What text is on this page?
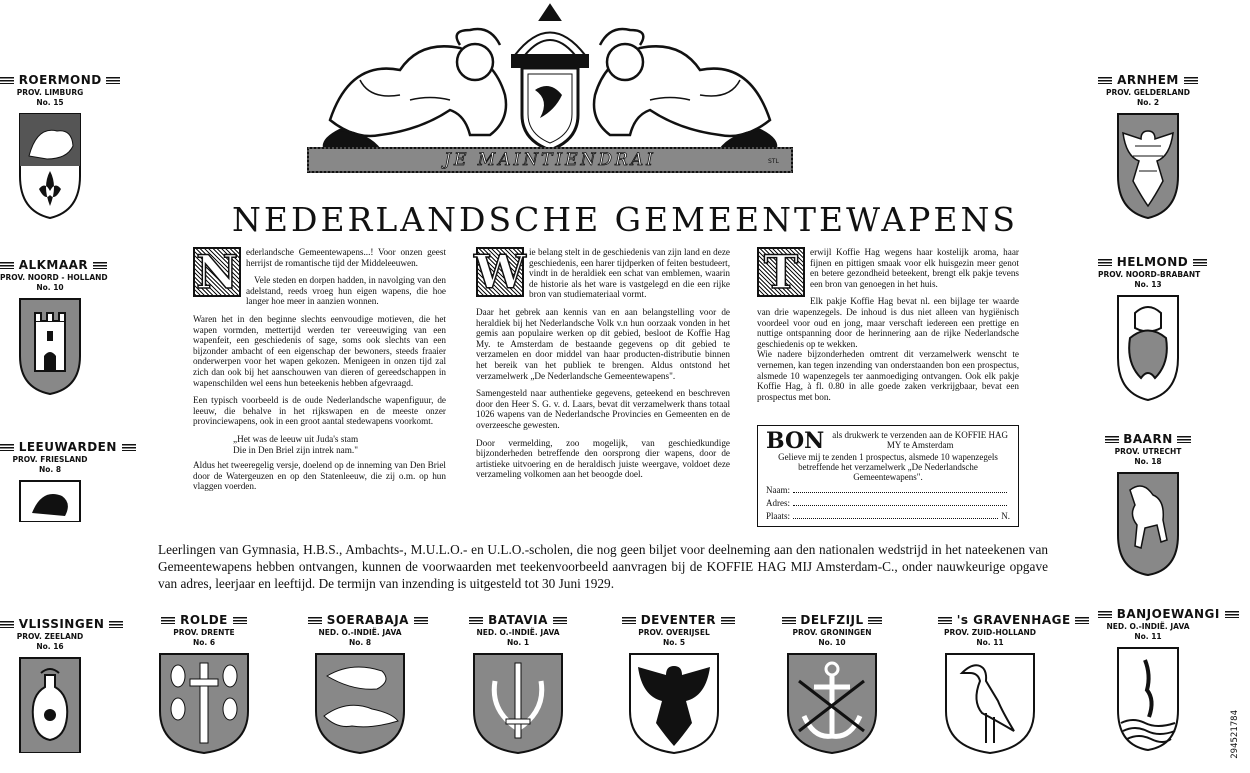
JE MAINTIENDRAI	STL
NEDERLANDSCHE GEMEENTEWAPENS
N ederlandsche Gemeentewapens...! Voor onzen geest herrijst de romantische tijd der Middeleeuwen.

Vele steden en dorpen hadden, in navolging van den adelstand, reeds vroeg hun eigen wapens, die hoe langer hoe meer in aanzien wonnen.

Waren het in den beginne slechts eenvoudige motieven, die het wapen vormden, mettertijd werden ter vereeuwiging van een wapenfeit, een geschiedenis of sage, soms ook slechts van een bijzonder ambacht of een eigenschap der bewoners, steeds fraaier onderwerpen voor het wapen gekozen. Menigeen in onzen tijd zal zich dan ook bij het aanschouwen van dieren of gereedschappen in wapenschilden wel eens hun beteekenis hebben afgevraagd.

Een typisch voorbeeld is de oude Nederlandsche wapenfiguur, de leeuw, die behalve in het rijkswapen en de meeste onzer provinciewapens, ook in een groot aantal stedewapens voorkomt.

„Het was de leeuw uit Juda's stam
Die in Den Briel zijn intrek nam."

Aldus het tweeregelig versje, doelend op de inneming van Den Briel door de Watergeuzen en op den Statenleeuw, die zij o.m. op hun vlaggen voerden.

W ie belang stelt in de geschiedenis van zijn land en deze geschiedenis, een harer tijdperken of feiten bestudeert, vindt in de heraldiek een schat van emblemen, waarin de historie als het ware is vastgelegd en die een rijke bron van studiemateriaal vormt.

Daar het gebrek aan kennis van en aan belangstelling voor de heraldiek bij het Nederlandsche Volk v.n hun oorzaak vonden in het gemis aan populaire werken op dit gebied, besloot de Koffie Hag My. te Amsterdam de bestaande gegevens op dit gebied te verzamelen en door middel van haar producten-distributie binnen het bereik van het publiek te brengen. Aldus ontstond het verzamelwerk „De Nederlandsche Gemeentewapens".

Samengesteld naar authentieke gegevens, geteekend en beschreven door den Heer S. G. v. d. Laars, bevat dit verzamelwerk thans totaal 1026 wapens van de Nederlandsche Provincies en Gemeenten en de overzeesche gewesten.

Door vermelding, zoo mogelijk, van geschiedkundige bijzonderheden betreffende den oorsprong dier wapens, door de artistieke uitvoering en de heraldisch juiste weergave, voldoet deze verzameling volkomen aan het beoogde doel.

T	erwijl Koffie Hag wegens haar kostelijk aroma, haar fijnen en pittigen smaak voor elk huisgezin meer genot en betere gezondheid beteekent, brengt elk pakje tevens een bron van genoegen in het huis.

Elk pakje Koffie Hag bevat nl. een bijlage ter waarde van drie wapenzegels. De inhoud is dus niet alleen van hygiënisch voordeel voor oud en jong, maar verschaft iedereen een prettige en nuttige ontspanning door de herinnering aan de rijke Nederlandsche geschiedenis op te wekken.

Wie nadere bijzonderheden omtrent dit verzamelwerk wenscht te vernemen, kan tegen inzending van onderstaanden bon een prospectus, alsmede 10 wapenzegels ter aanmoediging ontvangen. Ook elk pakje Koffie Hag, à fl. 0.80 in alle goede zaken verkrijgbaar, bevat een prospectus met bon.

BON als drukwerk te verzenden aan de KOFFIE HAG MY te Amsterdam
Gelieve mij te zenden 1 prospectus, alsmede 10 wapenzegels betreffende het verzamelwerk „De Nederlandsche Gemeentewapens".
Naam:
Adres:
Plaats:	N.
Leerlingen van Gymnasia, H.B.S., Ambachts-, M.U.L.O.- en U.L.O.-scholen, die nog geen biljet voor deelneming aan den nationalen wedstrijd in het nateekenen van Gemeentewapens hebben ontvangen, kunnen de voorwaarden met teekenvoorbeeld aanvragen bij de KOFFIE HAG MIJ Amsterdam-C., onder nauwkeurige opgave van adres, leerjaar en leeftijd. De termijn van inzending is uitgesteld tot 30 Juni 1929.
ROERMOND
PROV. LIMBURG
No. 15
ALKMAAR
PROV. NOORD - HOLLAND
No. 10
LEEUWARDEN
PROV. FRIESLAND
No. 8
VLISSINGEN
PROV. ZEELAND
No. 16
ARNHEM
PROV. GELDERLAND
No. 2
HELMOND
PROV. NOORD-BRABANT
No. 13
BAARN
PROV. UTRECHT
No. 18
BANJOEWANGI
NED. O.-INDIË. JAVA
No. 11
ROLDE
PROV. DRENTE
No. 6
SOERABAJA
NED. O.-INDIË. JAVA
No. 8
BATAVIA
NED. O.-INDIË. JAVA
No. 1
DEVENTER
PROV. OVERIJSEL
No. 5
DELFZIJL
PROV. GRONINGEN
No. 10
's GRAVENHAGE
PROV. ZUID-HOLLAND
No. 11
294521784
